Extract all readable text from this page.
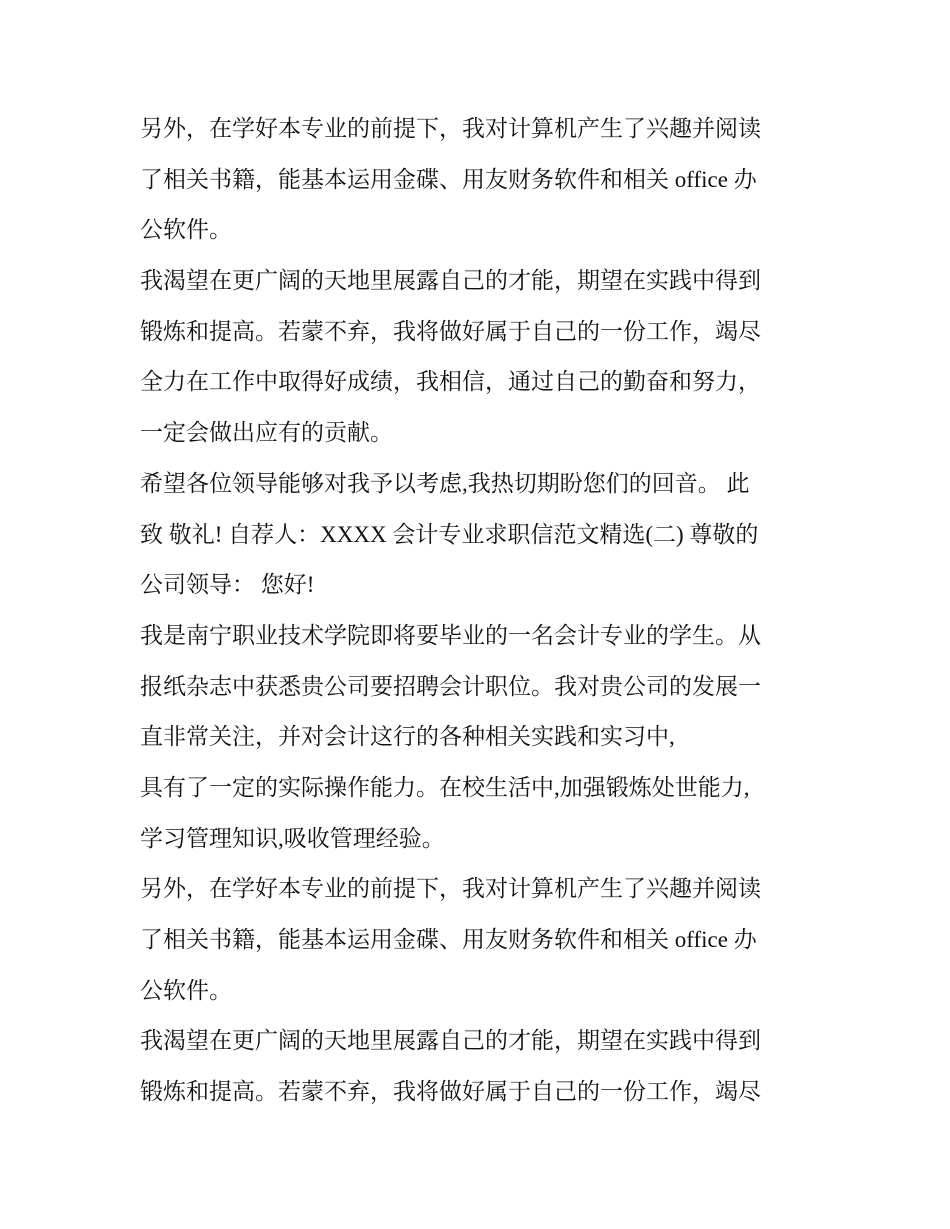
另外，在学好本专业的前提下，我对计算机产生了兴趣并阅读
了相关书籍，能基本运用金碟、用友财务软件和相关 office 办
公软件。
我渴望在更广阔的天地里展露自己的才能，期望在实践中得到
锻炼和提高。若蒙不弃，我将做好属于自己的一份工作，竭尽
全力在工作中取得好成绩，我相信，通过自己的勤奋和努力，
一定会做出应有的贡献。
希望各位领导能够对我予以考虑,我热切期盼您们的回音。 此
致 敬礼! 自荐人：XXXX 会计专业求职信范文精选(二) 尊敬的
公司领导： 您好!
我是南宁职业技术学院即将要毕业的一名会计专业的学生。从
报纸杂志中获悉贵公司要招聘会计职位。我对贵公司的发展一
直非常关注，并对会计这行的各种相关实践和实习中,
具有了一定的实际操作能力。在校生活中,加强锻炼处世能力,
学习管理知识,吸收管理经验。
另外，在学好本专业的前提下，我对计算机产生了兴趣并阅读
了相关书籍，能基本运用金碟、用友财务软件和相关 office 办
公软件。
我渴望在更广阔的天地里展露自己的才能，期望在实践中得到
锻炼和提高。若蒙不弃，我将做好属于自己的一份工作，竭尽
